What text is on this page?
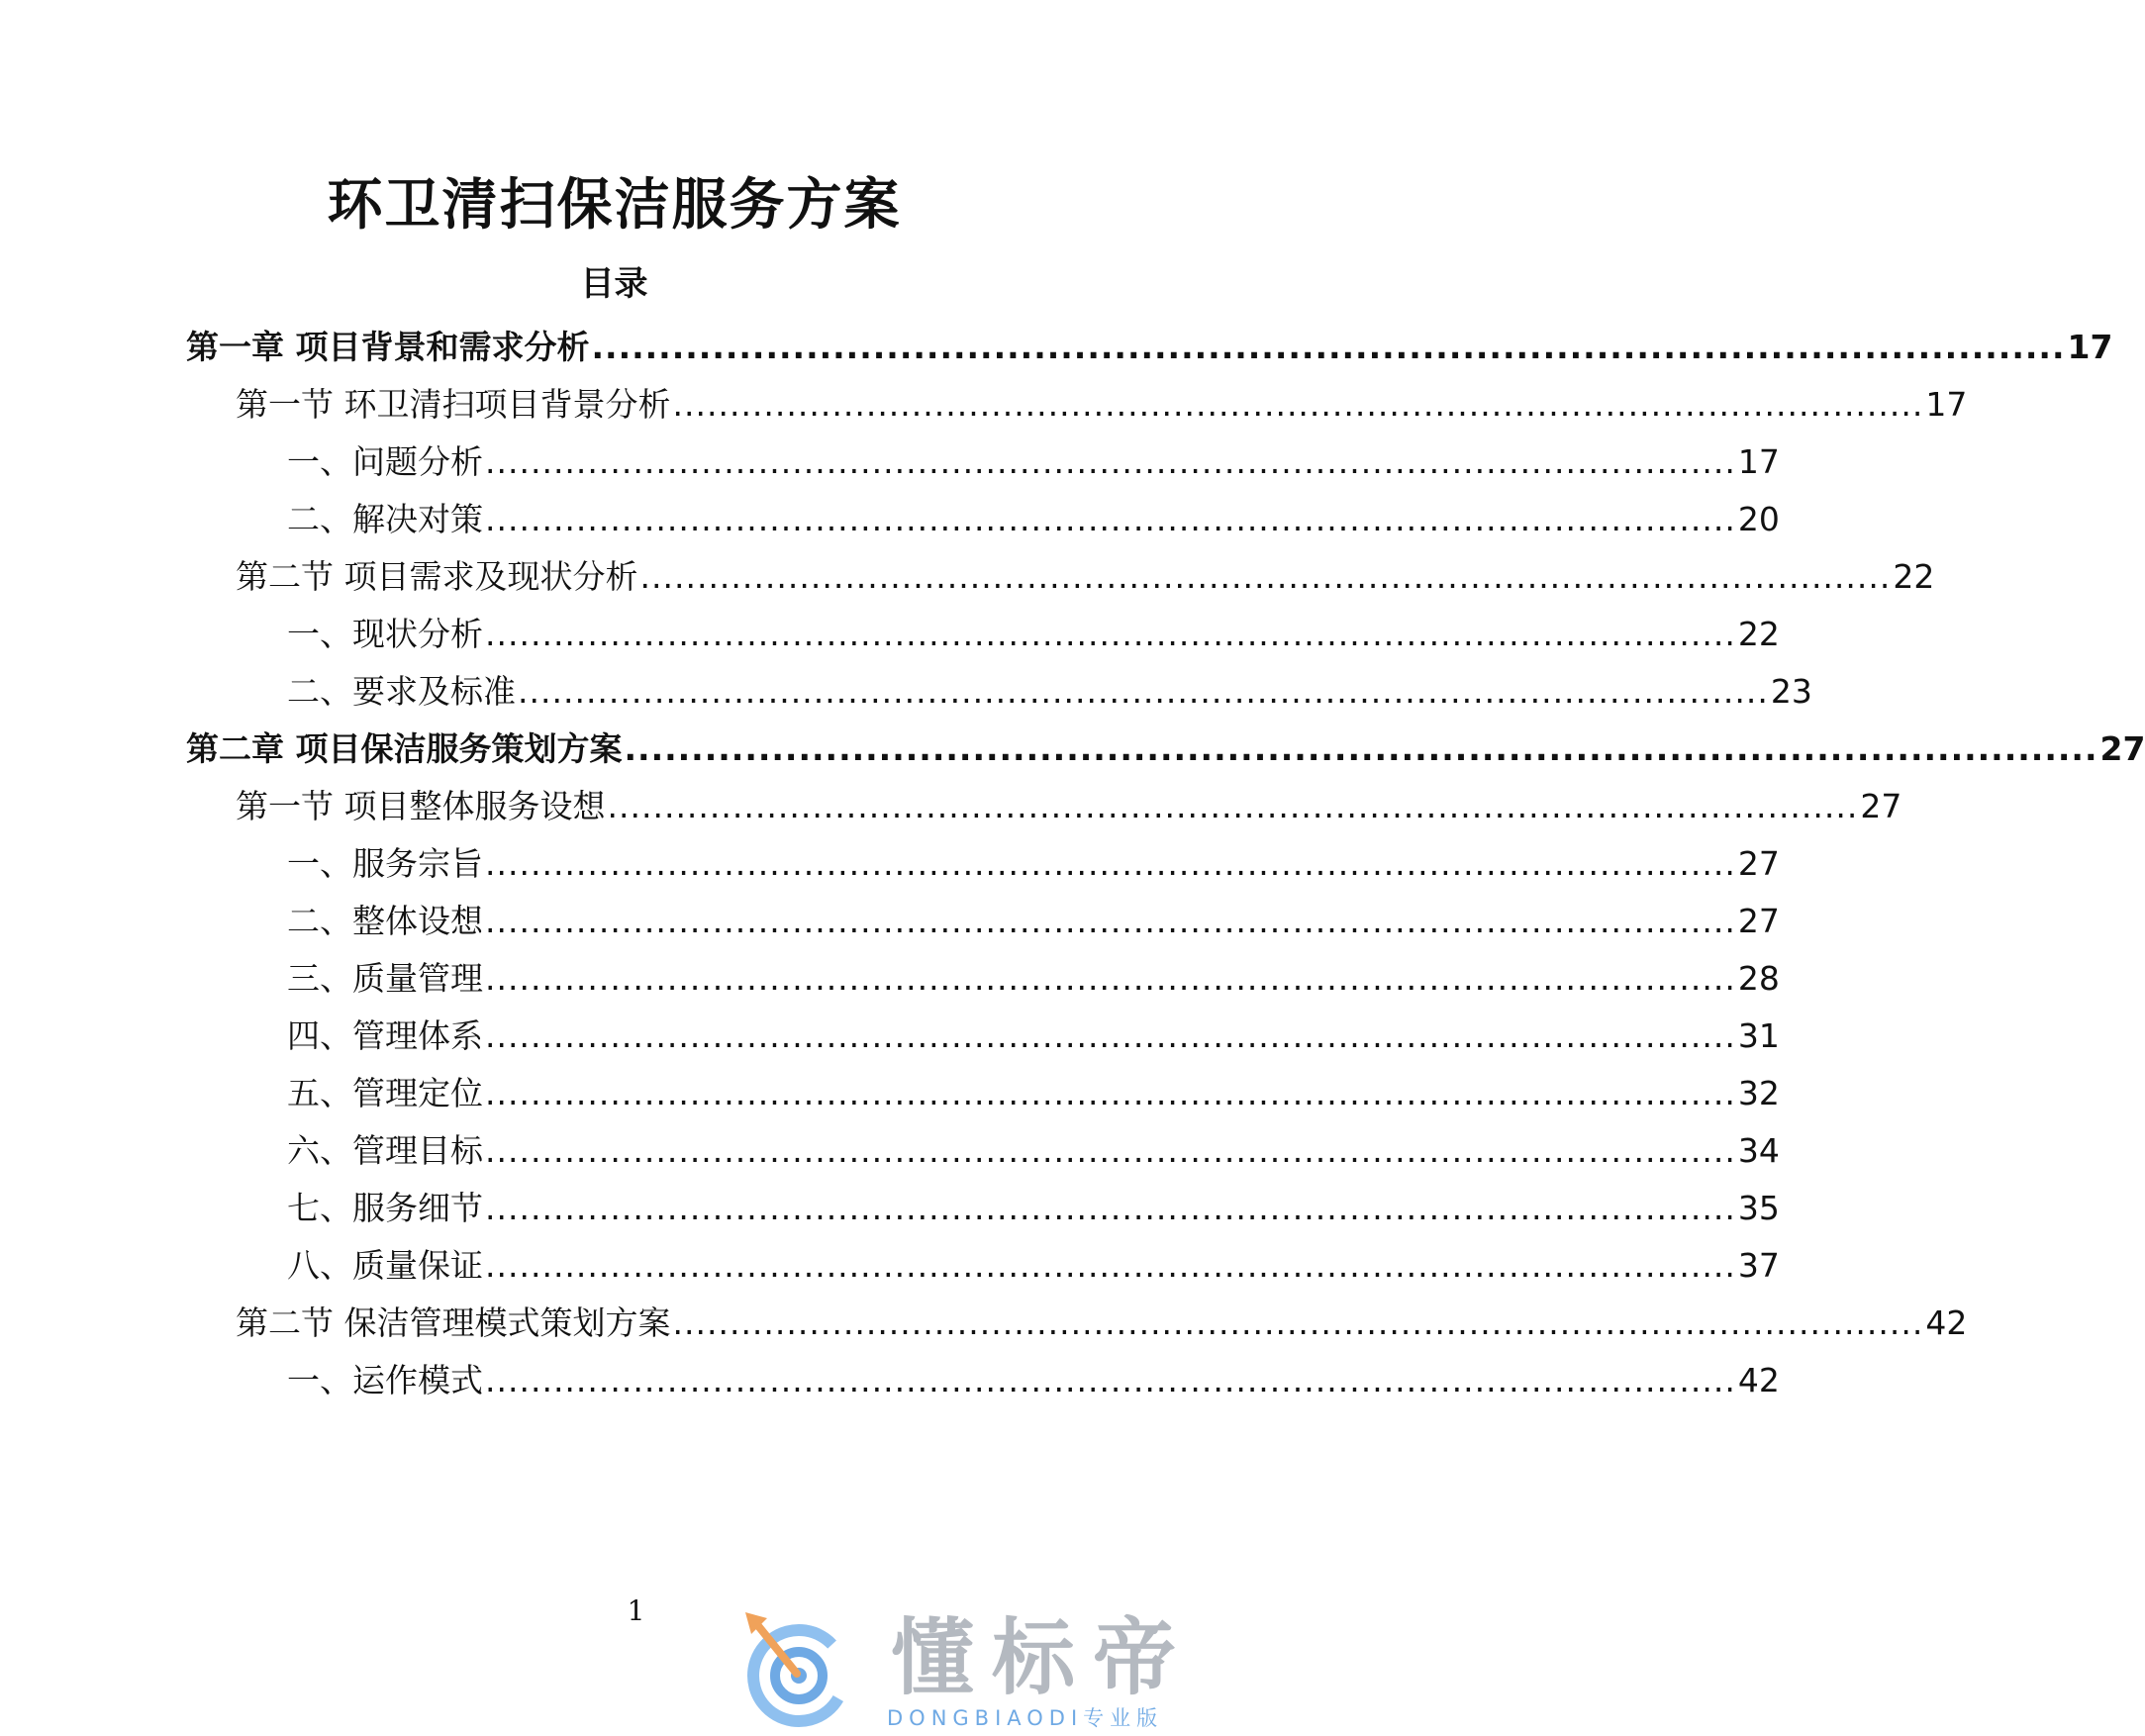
环卫清扫保洁服务方案
目录
第一章 项目背景和需求分析 .............................................................................................................. 17
第一节 环卫清扫项目背景分析 .............................................................................................................. 17
一、问题分析 .............................................................................................................. 17
二、解决对策 .............................................................................................................. 20
第二节 项目需求及现状分析 .............................................................................................................. 22
一、现状分析 .............................................................................................................. 22
二、要求及标准 .............................................................................................................. 23
第二章 项目保洁服务策划方案 .............................................................................................................. 27
第一节 项目整体服务设想 .............................................................................................................. 27
一、服务宗旨 .............................................................................................................. 27
二、整体设想 .............................................................................................................. 27
三、质量管理 .............................................................................................................. 28
四、管理体系 .............................................................................................................. 31
五、管理定位 .............................................................................................................. 32
六、管理目标 .............................................................................................................. 34
七、服务细节 .............................................................................................................. 35
八、质量保证 .............................................................................................................. 37
第二节 保洁管理模式策划方案 .............................................................................................................. 42
一、运作模式 .............................................................................................................. 42
1	懂标帝
DONGBIAODI专业版
